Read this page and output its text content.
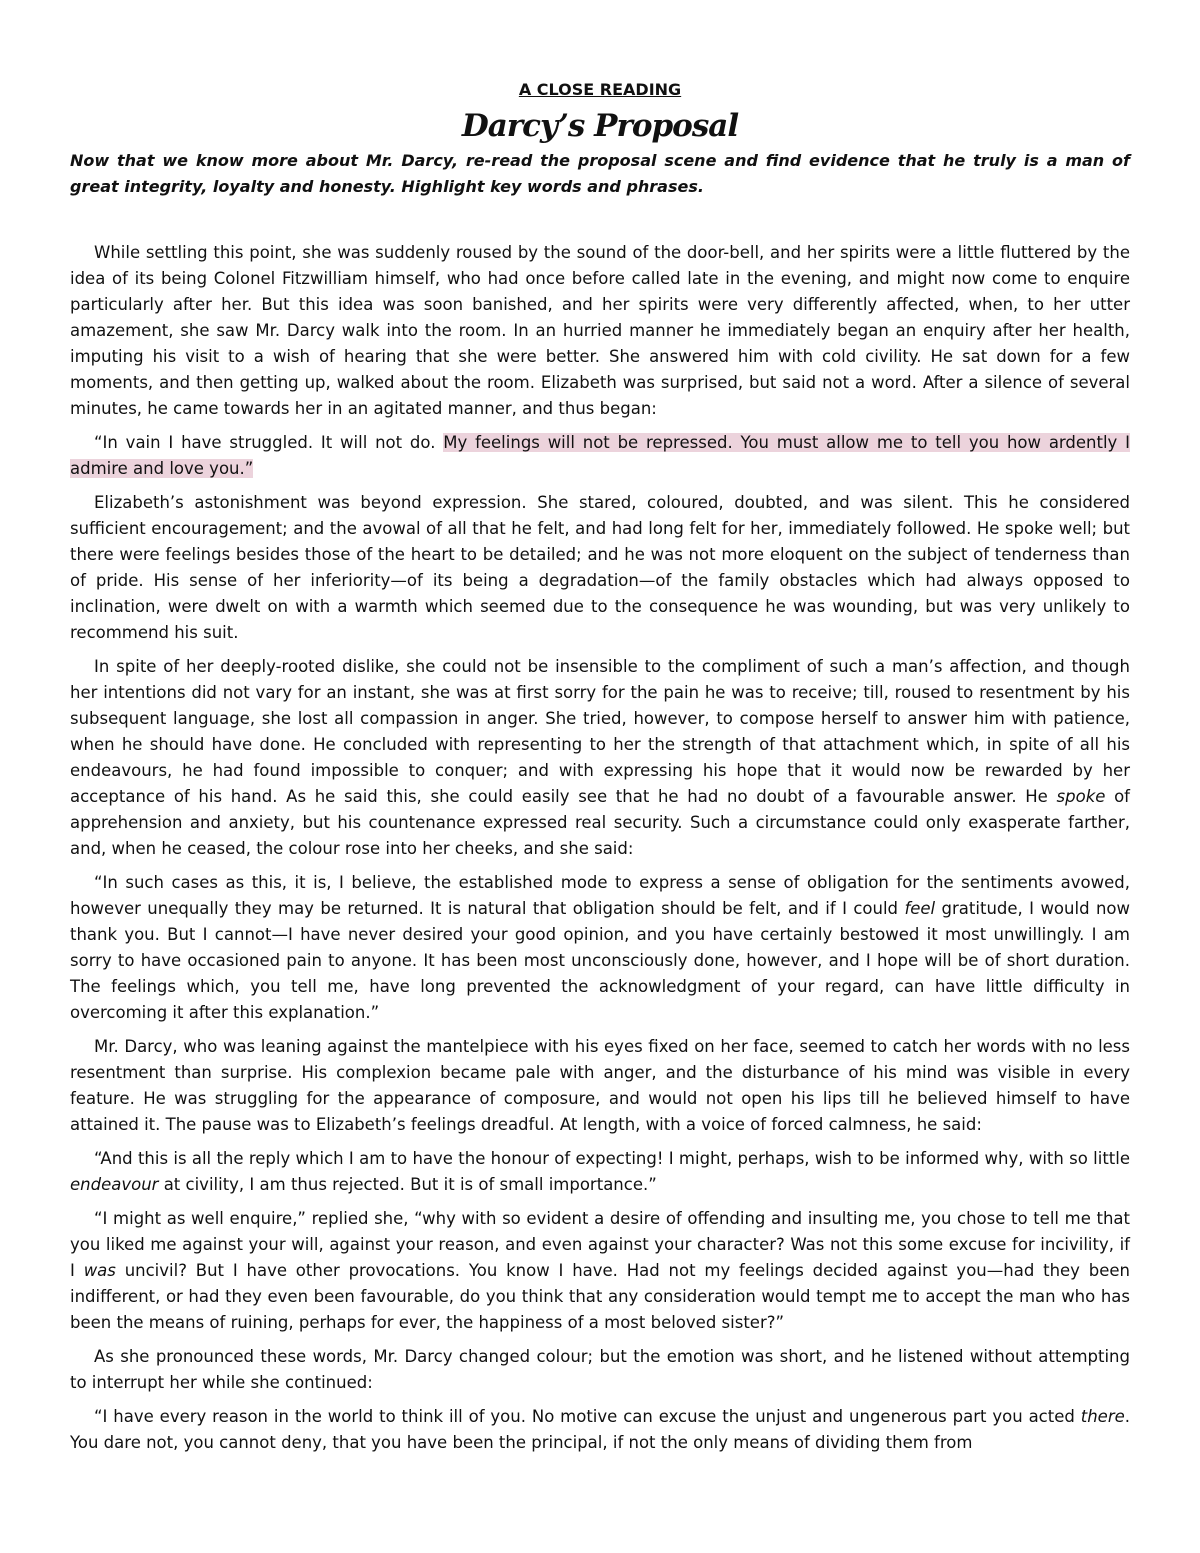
A CLOSE READING

Darcy’s Proposal

Now that we know more about Mr. Darcy, re-read the proposal scene and find evidence that he truly is a man of great integrity, loyalty and honesty. Highlight key words and phrases.

While settling this point, she was suddenly roused by the sound of the door-bell, and her spirits were a little fluttered by the idea of its being Colonel Fitzwilliam himself, who had once before called late in the evening, and might now come to enquire particularly after her. But this idea was soon banished, and her spirits were very differently affected, when, to her utter amazement, she saw Mr. Darcy walk into the room. In an hurried manner he immediately began an enquiry after her health, imputing his visit to a wish of hearing that she were better. She answered him with cold civility. He sat down for a few moments, and then getting up, walked about the room. Elizabeth was surprised, but said not a word. After a silence of several minutes, he came towards her in an agitated manner, and thus began:

“In vain I have struggled. It will not do. My feelings will not be repressed. You must allow me to tell you how ardently I admire and love you.”

Elizabeth’s astonishment was beyond expression. She stared, coloured, doubted, and was silent. This he considered sufficient encouragement; and the avowal of all that he felt, and had long felt for her, immediately followed. He spoke well; but there were feelings besides those of the heart to be detailed; and he was not more eloquent on the subject of tenderness than of pride. His sense of her inferiority—of its being a degradation—of the family obstacles which had always opposed to inclination, were dwelt on with a warmth which seemed due to the consequence he was wounding, but was very unlikely to recommend his suit.

In spite of her deeply-rooted dislike, she could not be insensible to the compliment of such a man’s affection, and though her intentions did not vary for an instant, she was at first sorry for the pain he was to receive; till, roused to resentment by his subsequent language, she lost all compassion in anger. She tried, however, to compose herself to answer him with patience, when he should have done. He concluded with representing to her the strength of that attachment which, in spite of all his endeavours, he had found impossible to conquer; and with expressing his hope that it would now be rewarded by her acceptance of his hand. As he said this, she could easily see that he had no doubt of a favourable answer. He spoke of apprehension and anxiety, but his countenance expressed real security. Such a circumstance could only exasperate farther, and, when he ceased, the colour rose into her cheeks, and she said:

“In such cases as this, it is, I believe, the established mode to express a sense of obligation for the sentiments avowed, however unequally they may be returned. It is natural that obligation should be felt, and if I could feel gratitude, I would now thank you. But I cannot—I have never desired your good opinion, and you have certainly bestowed it most unwillingly. I am sorry to have occasioned pain to anyone. It has been most unconsciously done, however, and I hope will be of short duration. The feelings which, you tell me, have long prevented the acknowledgment of your regard, can have little difficulty in overcoming it after this explanation.”

Mr. Darcy, who was leaning against the mantelpiece with his eyes fixed on her face, seemed to catch her words with no less resentment than surprise. His complexion became pale with anger, and the disturbance of his mind was visible in every feature. He was struggling for the appearance of composure, and would not open his lips till he believed himself to have attained it. The pause was to Elizabeth’s feelings dreadful. At length, with a voice of forced calmness, he said:

“And this is all the reply which I am to have the honour of expecting! I might, perhaps, wish to be informed why, with so little endeavour at civility, I am thus rejected. But it is of small importance.”

“I might as well enquire,” replied she, “why with so evident a desire of offending and insulting me, you chose to tell me that you liked me against your will, against your reason, and even against your character? Was not this some excuse for incivility, if I was uncivil? But I have other provocations. You know I have. Had not my feelings decided against you—had they been indifferent, or had they even been favourable, do you think that any consideration would tempt me to accept the man who has been the means of ruining, perhaps for ever, the happiness of a most beloved sister?”

As she pronounced these words, Mr. Darcy changed colour; but the emotion was short, and he listened without attempting to interrupt her while she continued:

“I have every reason in the world to think ill of you. No motive can excuse the unjust and ungenerous part you acted there. You dare not, you cannot deny, that you have been the principal, if not the only means of dividing them from
